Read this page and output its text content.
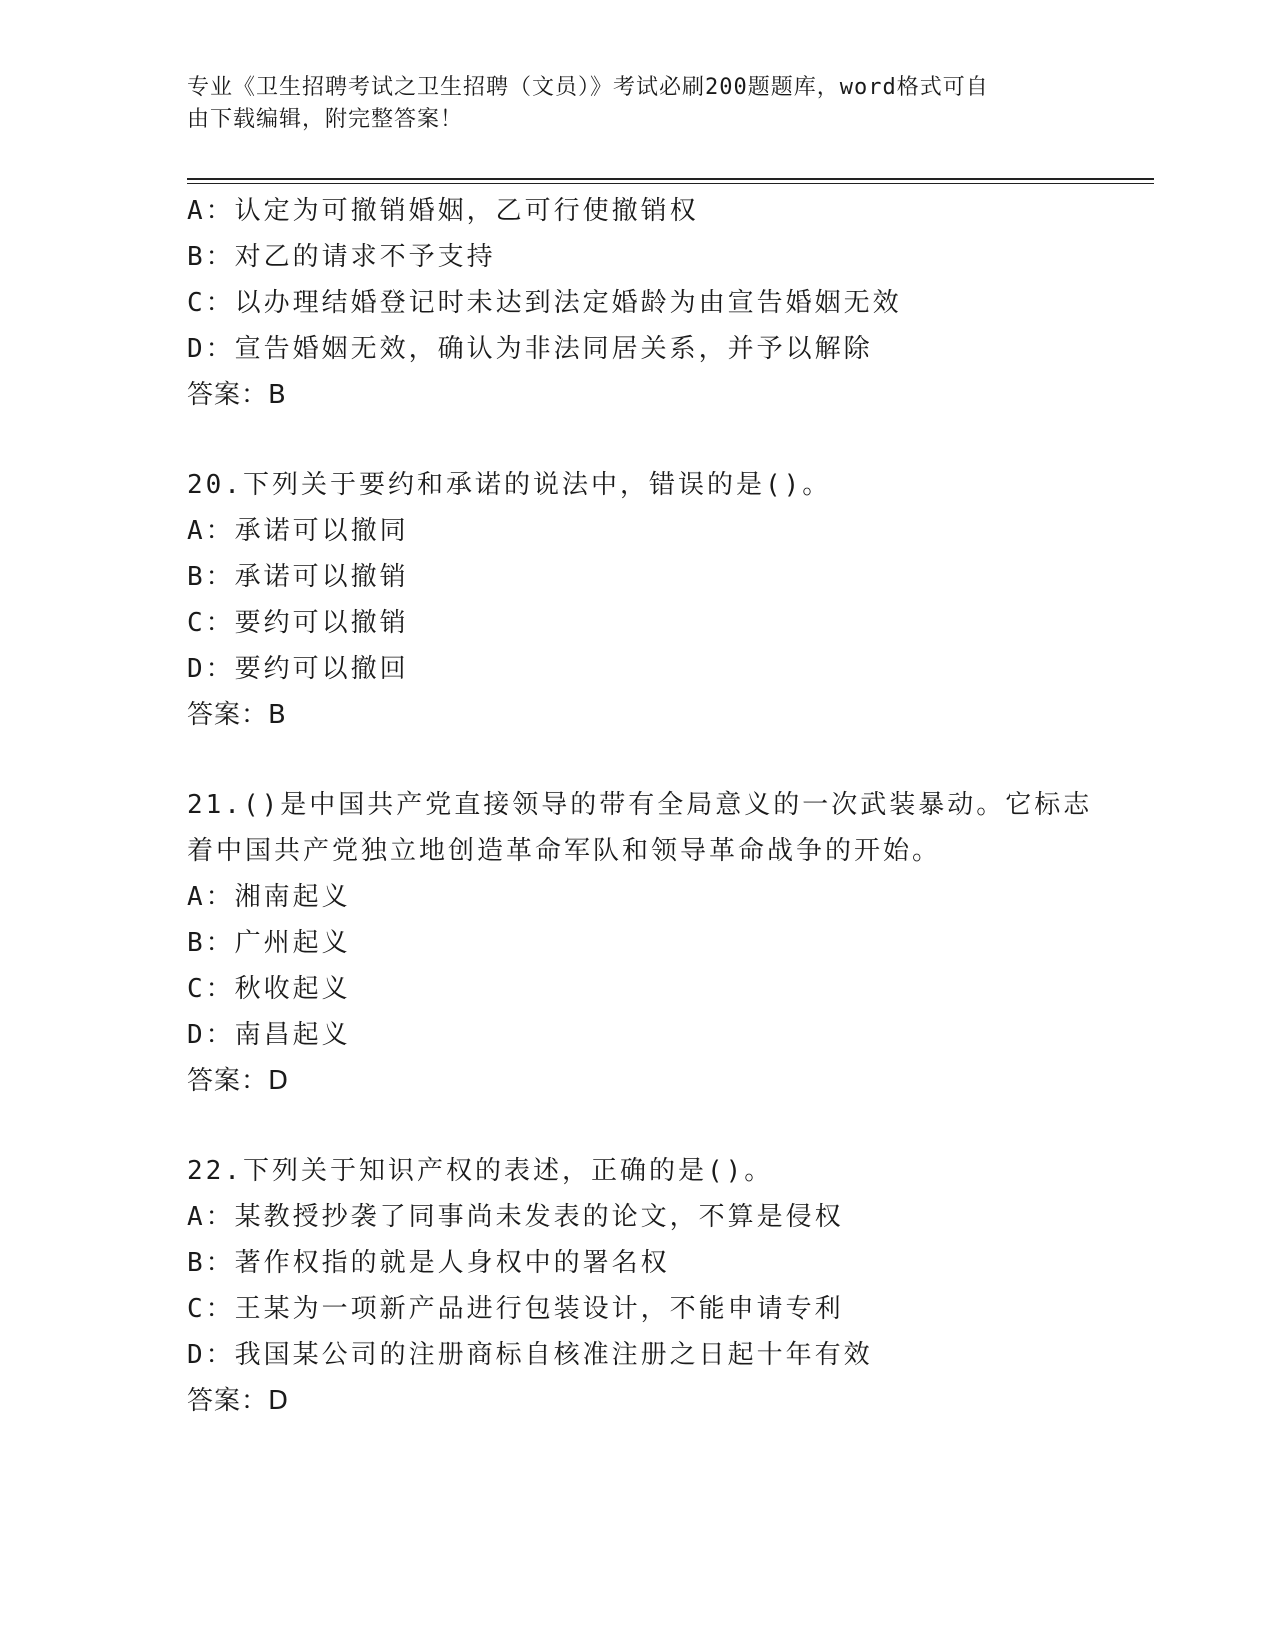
专业《卫生招聘考试之卫生招聘（文员）》考试必刷200题题库，word格式可自
由下载编辑，附完整答案！
A：认定为可撤销婚姻，乙可行使撤销权
B：对乙的请求不予支持
C：以办理结婚登记时未达到法定婚龄为由宣告婚姻无效
D：宣告婚姻无效，确认为非法同居关系，并予以解除
答案：B
20.下列关于要约和承诺的说法中，错误的是()。
A：承诺可以撤同
B：承诺可以撤销
C：要约可以撤销
D：要约可以撤回
答案：B
21.()是中国共产党直接领导的带有全局意义的一次武装暴动。它标志
着中国共产党独立地创造革命军队和领导革命战争的开始。
A：湘南起义
B：广州起义
C：秋收起义
D：南昌起义
答案：D
22.下列关于知识产权的表述，正确的是()。
A：某教授抄袭了同事尚未发表的论文，不算是侵权
B：著作权指的就是人身权中的署名权
C：王某为一项新产品进行包装设计，不能申请专利
D：我国某公司的注册商标自核准注册之日起十年有效
答案：D
